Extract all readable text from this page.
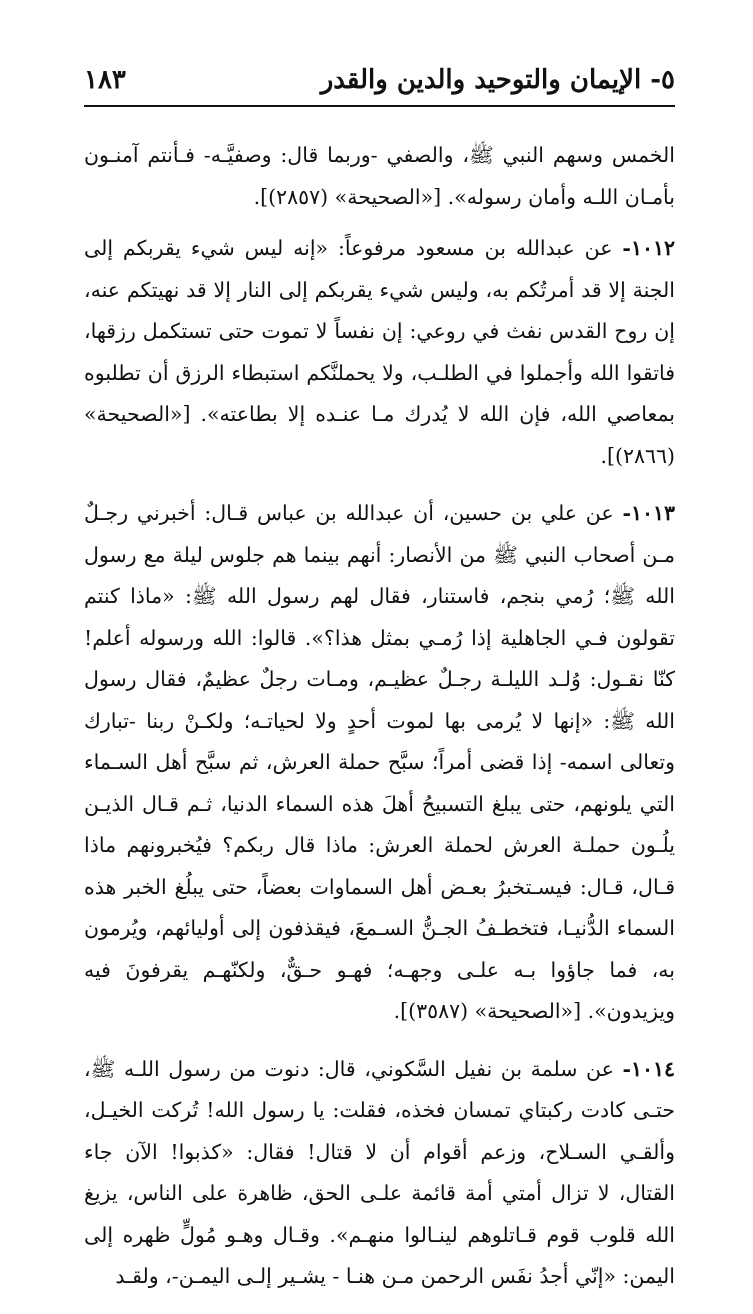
٥- الإيمان والتوحيد والدين والقدر
١٨٣

الخمس وسهم النبي ﷺ، والصفي -وربما قال: وصفيَّـه- فـأنتم آمنـون بأمـان اللـه وأمان رسوله». [«الصحيحة» (٢٨٥٧)].

١٠١٢- عن عبدالله بن مسعود مرفوعاً: «إنه ليس شيء يقربكم إلى الجنة إلا قد أمرتُكم به، وليس شيء يقربكم إلى النار إلا قد نهيتكم عنه، إن روح القدس نفث في روعي: إن نفساً لا تموت حتى تستكمل رزقها، فاتقوا الله وأجملوا في الطلـب، ولا يحملنَّكم استبطاء الرزق أن تطلبوه بمعاصي الله، فإن الله لا يُدرك مـا عنـده إلا بطاعته». [«الصحيحة» (٢٨٦٦)].

١٠١٣- عن علي بن حسين، أن عبدالله بن عباس قـال: أخبرني رجـلٌ مـن أصحاب النبي ﷺ من الأنصار: أنهم بينما هم جلوس ليلة مع رسول الله ﷺ؛ رُمي بنجم، فاستنار، فقال لهم رسول الله ﷺ: «ماذا كنتم تقولون فـي الجاهلية إذا رُمـي بمثل هذا؟». قالوا: الله ورسوله أعلم! كنّا نقـول: وُلـد الليلـة رجـلٌ عظيـم، ومـات رجلٌ عظيمٌ، فقال رسول الله ﷺ: «إنها لا يُرمى بها لموت أحدٍ ولا لحياتـه؛ ولكـنْ ربنا -تبارك وتعالى اسمه- إذا قضى أمراً؛ سبَّح حملة العرش، ثم سبَّح أهل السـماء التي يلونهم، حتى يبلغ التسبيحُ أهلَ هذه السماء الدنيا، ثـم قـال الذيـن يلُـون حملـة العرش لحملة العرش: ماذا قال ربكم؟ فيُخبرونهم ماذا قـال، قـال: فيسـتخبرُ بعـض أهل السماوات بعضاً، حتى يبلُغ الخبر هذه السماء الدُّنيـا، فتخطـفُ الجـنُّ السـمعَ، فيقذفون إلى أوليائهم، ويُرمون به، فما جاؤوا بـه علـى وجهـه؛ فهـو حـقٌّ، ولكنّهـم يقرفونَ فيه ويزيدون». [«الصحيحة» (٣٥٨٧)].

١٠١٤- عن سلمة بن نفيل السَّكوني، قال: دنوت من رسول اللـه ﷺ، حتـى كادت ركبتاي تمسان فخذه، فقلت: يا رسول الله! تُركت الخيـل، وألقـي السـلاح، وزعم أقوام أن لا قتال! فقال: «كذبوا! الآن جاء القتال، لا تزال أمتي أمة قائمة علـى الحق، ظاهرة على الناس، يزيغ الله قلوب قوم قـاتلوهم لينـالوا منهـم». وقـال وهـو مُولٍّ ظهره إلى اليمن: «إنّي أجدُ نفَس الرحمن مـن هنـا - يشـير إلـى اليمـن-، ولقـد
